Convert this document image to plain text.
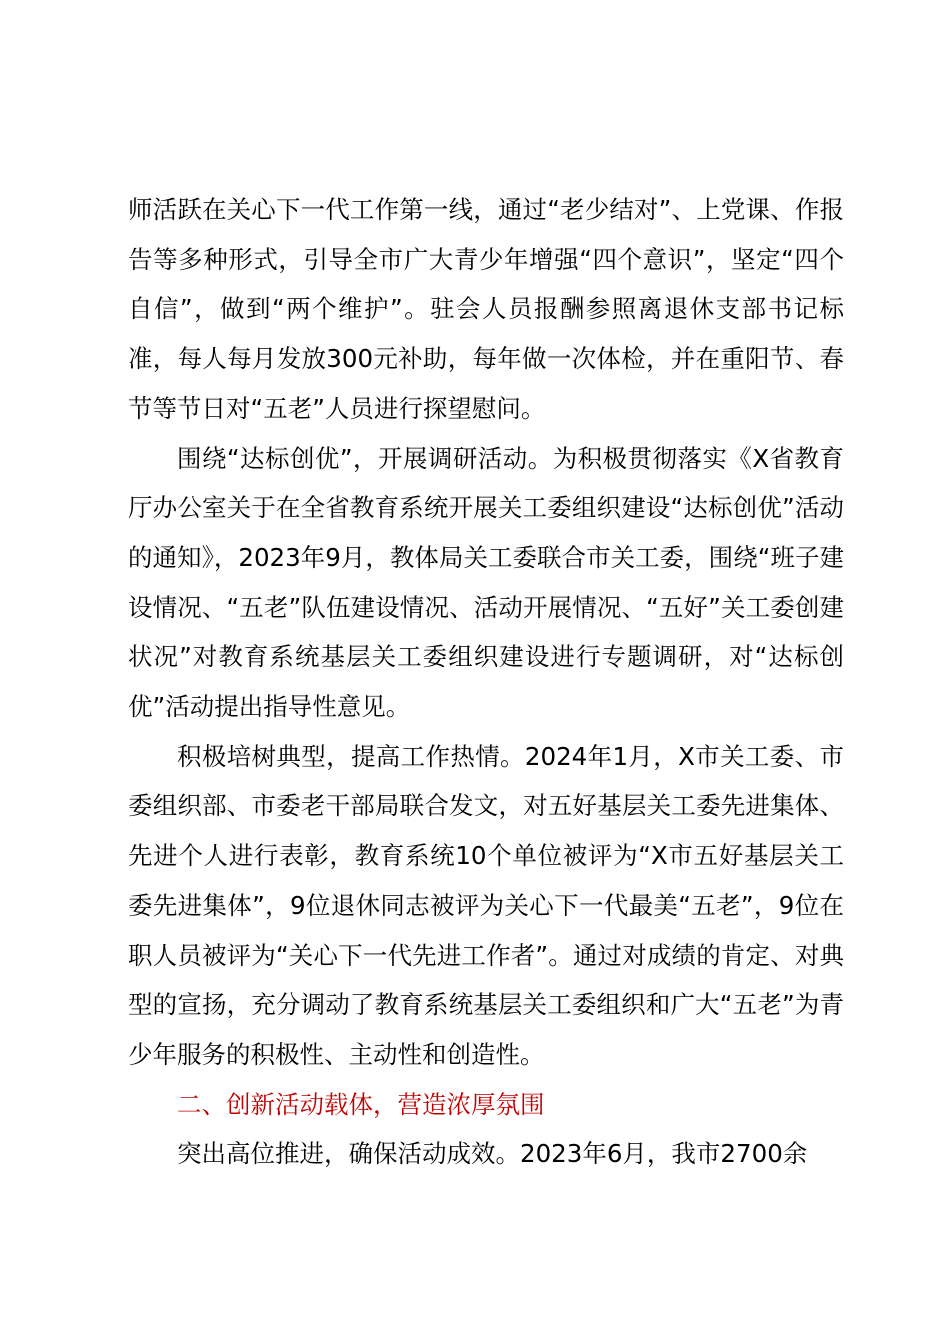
师活跃在关心下一代工作第一线，通过“老少结对”、上党课、作报告等多种形式，引导全市广大青少年增强“四个意识”，坚定“四个自信”，做到“两个维护”。驻会人员报酬参照离退休支部书记标准，每人每月发放300元补助，每年做一次体检，并在重阳节、春节等节日对“五老”人员进行探望慰问。

围绕“达标创优”，开展调研活动。为积极贯彻落实《X省教育厅办公室关于在全省教育系统开展关工委组织建设“达标创优”活动的通知》，2023年9月，教体局关工委联合市关工委，围绕“班子建设情况、“五老”队伍建设情况、活动开展情况、“五好”关工委创建状况”对教育系统基层关工委组织建设进行专题调研，对“达标创优”活动提出指导性意见。

积极培树典型，提高工作热情。2024年1月，X市关工委、市委组织部、市委老干部局联合发文，对五好基层关工委先进集体、先进个人进行表彰，教育系统10个单位被评为“X市五好基层关工委先进集体”，9位退休同志被评为关心下一代最美“五老”，9位在职人员被评为“关心下一代先进工作者”。通过对成绩的肯定、对典型的宣扬，充分调动了教育系统基层关工委组织和广大“五老”为青少年服务的积极性、主动性和创造性。

二、创新活动载体，营造浓厚氛围

突出高位推进，确保活动成效。2023年6月，我市2700余
